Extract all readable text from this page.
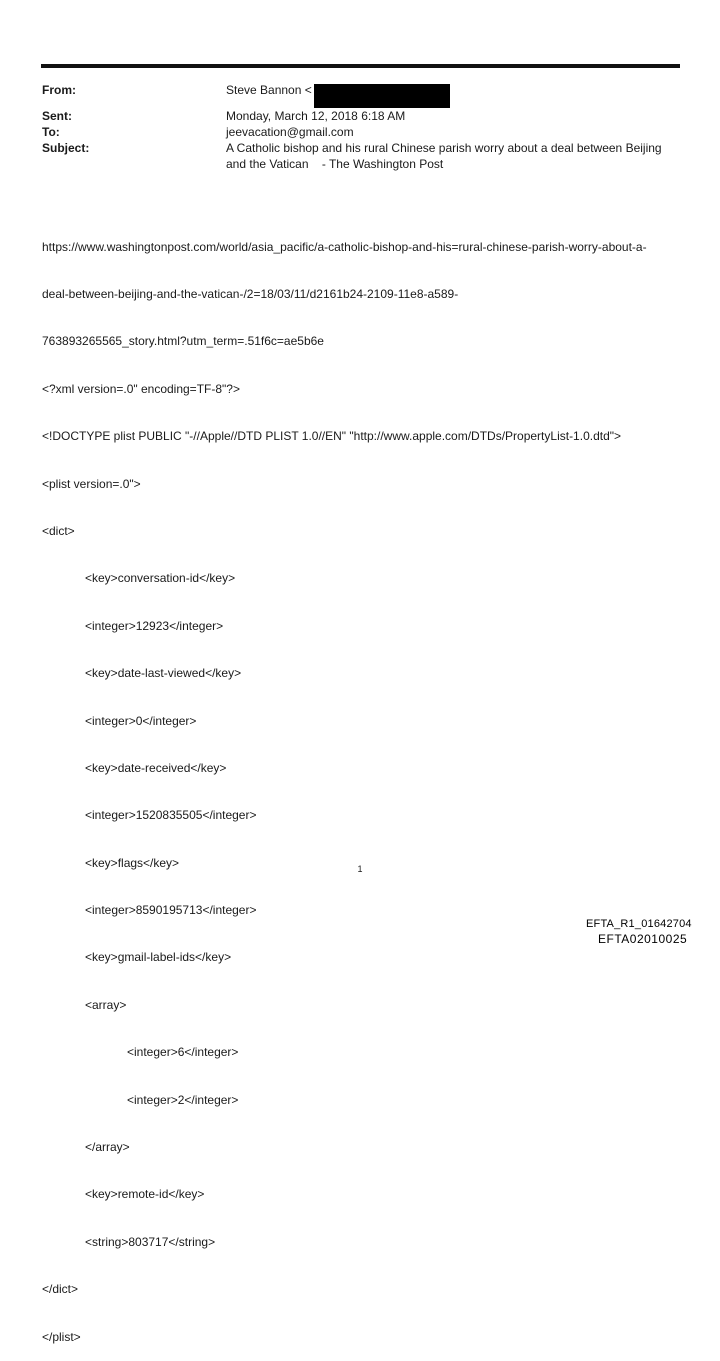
From:	Steve Bannon <
Sent:	Monday, March 12, 2018 6:18 AM
To:	jeevacation@gmail.com
Subject:	A Catholic bishop and his rural Chinese parish worry about a deal between Beijing
and the Vatican    - The Washington Post

https://www.washingtonpost.com/world/asia_pacific/a-catholic-bishop-and-his=rural-chinese-parish-worry-about-a-

deal-between-beijing-and-the-vatican-/2=18/03/11/d2161b24-2109-11e8-a589-

763893265565_story.html?utm_term=.51f6c=ae5b6e

<?xml version=.0" encoding=TF-8"?>

<!DOCTYPE plist PUBLIC "-//Apple//DTD PLIST 1.0//EN" "http://www.apple.com/DTDs/PropertyList-1.0.dtd">

<plist version=.0">

<dict>

<key>conversation-id</key>

<integer>12923</integer>

<key>date-last-viewed</key>

<integer>0</integer>

<key>date-received</key>

<integer>1520835505</integer>

<key>flags</key>

<integer>8590195713</integer>

<key>gmail-label-ids</key>

<array>

<integer>6</integer>

<integer>2</integer>

</array>

<key>remote-id</key>

<string>803717</string>

</dict>

</plist>

1
EFTA_R1_01642704
EFTA02010025
